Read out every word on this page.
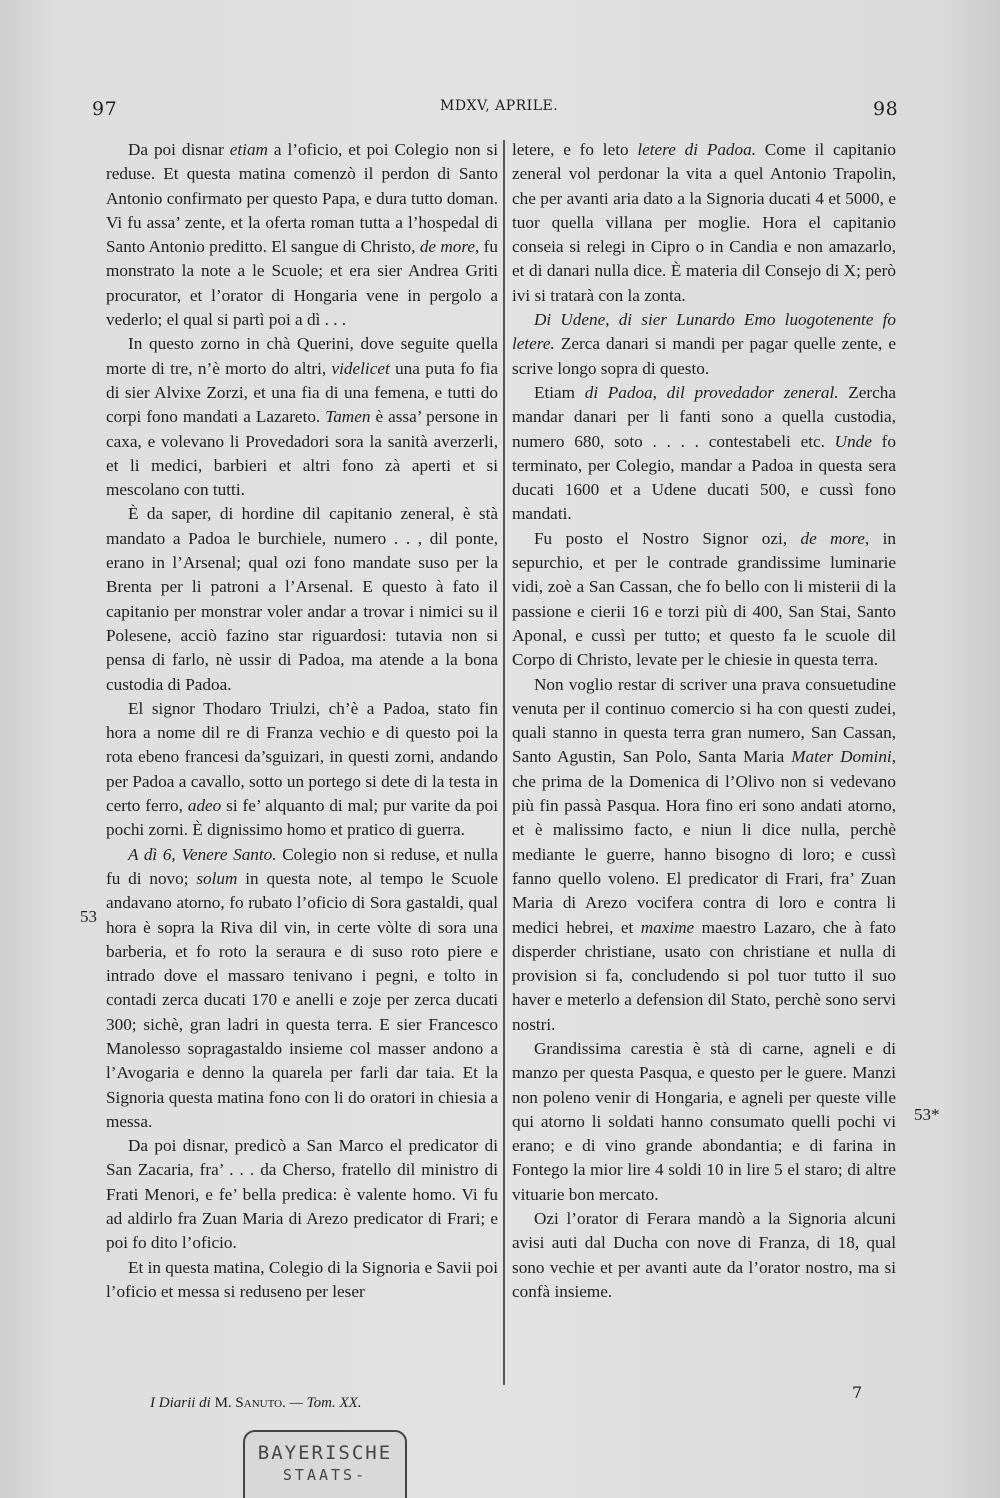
97	MDXV, APRILE.	98

Da poi disnar etiam a l’oficio, et poi Colegio non si reduse. Et questa matina comenzò il perdon di Santo Antonio confirmato per questo Papa, e dura tutto doman. Vi fu assa’ zente, et la oferta roman tutta a l’hospedal di Santo Antonio preditto. El sangue di Christo, de more, fu monstrato la note a le Scuole; et era sier Andrea Griti procurator, et l’orator di Hongaria vene in pergolo a vederlo; el qual si partì poi a dì . . .

In questo zorno in chà Querini, dove seguite quella morte di tre, n’è morto do altri, videlicet una puta fo fia di sier Alvixe Zorzi, et una fia di una femena, e tutti do corpi fono mandati a Lazareto. Tamen è assa’ persone in caxa, e volevano li Provedadori sora la sanità averzerli, et li medici, barbieri et altri fono zà aperti et si mescolano con tutti.

È da saper, di hordine dil capitanio zeneral, è stà mandato a Padoa le burchiele, numero . . , dil ponte, erano in l’Arsenal; qual ozi fono mandate suso per la Brenta per li patroni a l’Arsenal. E questo à fato il capitanio per monstrar voler andar a trovar i nimici su il Polesene, acciò fazino star riguardosi: tutavia non si pensa di farlo, nè ussir di Padoa, ma atende a la bona custodia di Padoa.

El signor Thodaro Triulzi, ch’è a Padoa, stato fin hora a nome dil re di Franza vechio e di questo poi la rota ebeno francesi da’sguizari, in questi zorni, andando per Padoa a cavallo, sotto un portego si dete di la testa in certo ferro, adeo si fe’ alquanto di mal; pur varite da poi pochi zorni. È dignissimo homo et pratico di guerra.

A dì 6, Venere Santo. Colegio non si reduse, et nulla fu di novo; solum in questa note, al tempo le Scuole andavano atorno, fo rubato l’oficio di Sora gastaldi, qual hora è sopra la Riva dil vin, in certe vòlte di sora una barberia, et fo roto la seraura e di suso roto piere e intrado dove el massaro tenivano i pegni, e tolto in contadi zerca ducati 170 e anelli e zoje per zerca ducati 300; sichè, gran ladri in questa terra. E sier Francesco Manolesso sopragastaldo insieme col masser andono a l’Avogaria e denno la quarela per farli dar taia. Et la Signoria questa matina fono con li do oratori in chiesia a messa.

Da poi disnar, predicò a San Marco el predicator di San Zacaria, fra’ . . . da Cherso, fratello dil ministro di Frati Menori, e fe’ bella predica: è valente homo. Vi fu ad aldirlo fra Zuan Maria di Arezo predicator di Frari; e poi fo dito l’oficio.

Et in questa matina, Colegio di la Signoria e Savii poi l’oficio et messa si reduseno per leser

letere, e fo leto letere di Padoa. Come il capitanio zeneral vol perdonar la vita a quel Antonio Trapolin, che per avanti aria dato a la Signoria ducati 4 et 5000, e tuor quella villana per moglie. Hora el capitanio conseia si relegi in Cipro o in Candia e non amazarlo, et di danari nulla dice. È materia dil Consejo di X; però ivi si tratarà con la zonta.

Di Udene, di sier Lunardo Emo luogotenente fo letere. Zerca danari si mandi per pagar quelle zente, e scrive longo sopra di questo.

Etiam di Padoa, dil provedador zeneral. Zercha mandar danari per li fanti sono a quella custodia, numero 680, soto . . . . contestabeli etc. Unde fo terminato, per Colegio, mandar a Padoa in questa sera ducati 1600 et a Udene ducati 500, e cussì fono mandati.

Fu posto el Nostro Signor ozi, de more, in sepurchio, et per le contrade grandissime luminarie vidi, zoè a San Cassan, che fo bello con li misterii di la passione e cierii 16 e torzi più di 400, San Stai, Santo Aponal, e cussì per tutto; et questo fa le scuole dil Corpo di Christo, levate per le chiesie in questa terra.

Non voglio restar di scriver una prava consuetudine venuta per il continuo comercio si ha con questi zudei, quali stanno in questa terra gran numero, San Cassan, Santo Agustin, San Polo, Santa Maria Mater Domini, che prima de la Domenica di l’Olivo non si vedevano più fin passà Pasqua. Hora fino eri sono andati atorno, et è malissimo facto, e niun li dice nulla, perchè mediante le guerre, hanno bisogno di loro; e cussì fanno quello voleno. El predicator di Frari, fra’ Zuan Maria di Arezo vocifera contra di loro e contra li medici hebrei, et maxime maestro Lazaro, che à fato disperder christiane, usato con christiane et nulla di provision si fa, concludendo si pol tuor tutto il suo haver e meterlo a defension dil Stato, perchè sono servi nostri.

Grandissima carestia è stà di carne, agneli e di manzo per questa Pasqua, e questo per le guere. Manzi non poleno venir di Hongaria, e agneli per queste ville qui atorno li soldati hanno consumato quelli pochi vi erano; e di vino grande abondantia; e di farina in Fontego la mior lire 4 soldi 10 in lire 5 el staro; di altre vituarie bon mercato.

Ozi l’orator di Ferara mandò a la Signoria alcuni avisi auti dal Ducha con nove di Franza, di 18, qual sono vechie et per avanti aute da l’orator nostro, ma si confà insieme.

53
53*
7
I Diarii di M. Sanuto. — Tom. XX.
BAYERISCHE
STAATS-
